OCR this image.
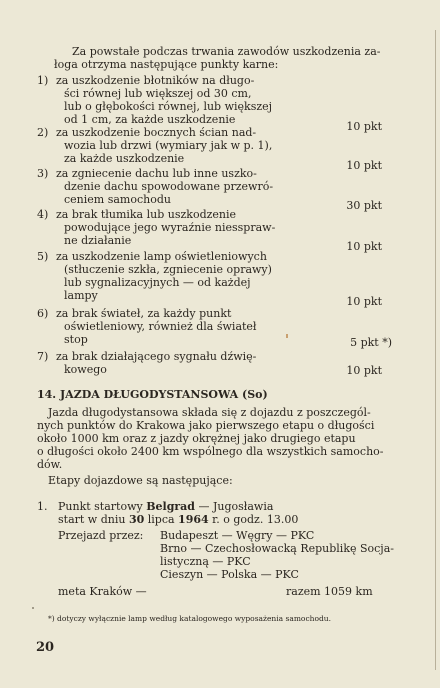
Za powstałe podczas trwania zawodów uszkodzenia za-
łoga otrzyma następujące punkty karne:
1) za uszkodzenie błotników na długo-
ści równej lub większej od 30 cm,
lub o głębokości równej, lub większej
od 1 cm, za każde uszkodzenie
10 pkt
2) za uszkodzenie bocznych ścian nad-
wozia lub drzwi (wymiary jak w p. 1),
za każde uszkodzenie
10 pkt
3) za zgniecenie dachu lub inne uszko-
dzenie dachu spowodowane przewró-
ceniem samochodu	30 pkt
4) za brak tłumika lub uszkodzenie
powodujące jego wyraźnie niesspraw-
ne działanie	10 pkt
5) za uszkodzenie lamp oświetleniowych
(stłuczenie szkła, zgniecenie oprawy)
lub sygnalizacyjnych — od każdej
lampy	10 pkt
6) za brak świateł, za każdy punkt
oświetleniowy, również dla świateł
stop	5 pkt *)
7) za brak działającego sygnału dźwię-
kowego	10 pkt
14. JAZDA DŁUGODYSTANSOWA (So)
Jazda długodystansowa składa się z dojazdu z poszczegól-
nych punktów do Krakowa jako pierwszego etapu o długości
około 1000 km oraz z jazdy okrężnej jako drugiego etapu
o długości około 2400 km wspólnego dla wszystkich samocho-
dów.
Etapy dojazdowe są następujące:
1. Punkt startowy Belgrad — Jugosławia
start w dniu 30 lipca 1964 r. o godz. 13.00
Przejazd przez: Budapeszt — Węgry — PKC
Brno — Czechosłowacką Republikę Socja-
listyczną — PKC
Cieszyn — Polska — PKC
meta Kraków —	razem 1059 km
*) dotyczy wyłącznie lamp według katalogowego wyposażenia samochodu.
20
